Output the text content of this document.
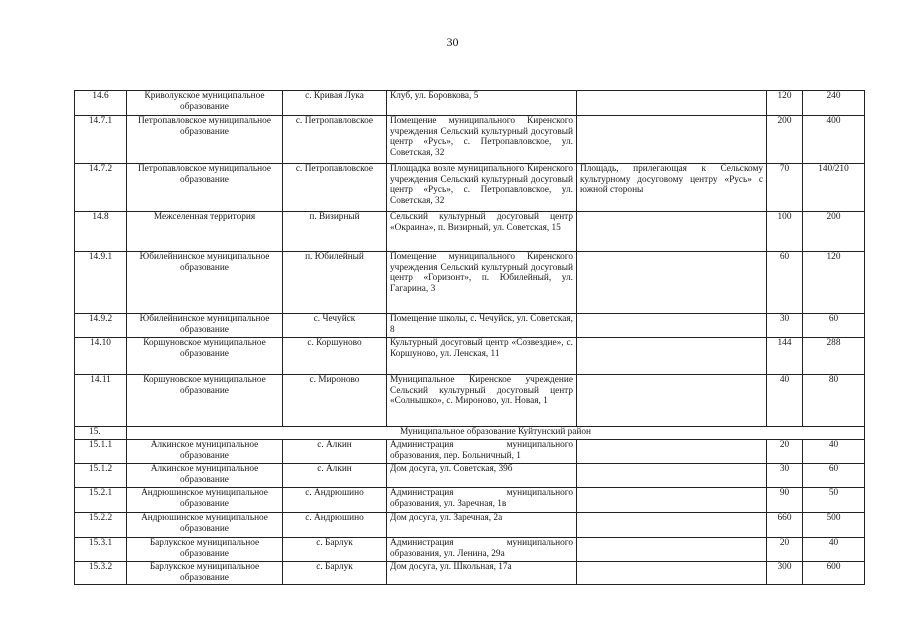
30
14.6	Криволукское муниципальное образование	с. Кривая Лука	Клуб, ул. Боровкова, 5		120	240
14.7.1	Петропавловское муниципальное образование	с. Петропавловское	Помещение муниципального Киренского учреждения Сельский культурный досуговый центр «Русь», с. Петропавловское, ул. Советская, 32		200	400
14.7.2	Петропавловское муниципальное образование	с. Петропавловское	Площадка возле муниципального Киренского учреждения Сельский культурный досуговый центр «Русь», с. Петропавловское, ул. Советская, 32	Площадь, прилегающая к Сельскому культурному досуговому центру «Русь» с южной стороны	70	140/210
14.8	Межселенная территория	п. Визирный	Сельский культурный досуговый центр «Окраина», п. Визирный, ул. Советская, 15		100	200
14.9.1	Юбилейнинское муниципальное образование	п. Юбилейный	Помещение муниципального Киренского учреждения Сельский культурный досуговый центр «Горизонт», п. Юбилейный, ул. Гагарина, 3		60	120
14.9.2	Юбилейнинское муниципальное образование	с. Чечуйск	Помещение школы, с. Чечуйск, ул. Советская, 8		30	60
14.10	Коршуновское муниципальное образование	с. Коршуново	Культурный досуговый центр «Созвездие», с. Коршуново, ул. Ленская, 11		144	288
14.11	Коршуновское муниципальное образование	с. Мироново	Муниципальное Киренское учреждение Сельский культурный досуговый центр «Солнышко», с. Мироново, ул. Новая, 1		40	80
15.	Муниципальное образование Куйтунский район					
15.1.1	Алкинское муниципальное образование	с. Алкин	Администрация муниципального образования, пер. Больничный, 1		20	40
15.1.2	Алкинское муниципальное образование	с. Алкин	Дом досуга, ул. Советская, 39б		30	60
15.2.1	Андрюшинское муниципальное образование	с. Андрюшино	Администрация муниципального образования, ул. Заречная, 1в		90	50
15.2.2	Андрюшинское муниципальное образование	с. Андрюшино	Дом досуга, ул. Заречная, 2а		660	500
15.3.1	Барлукское муниципальное образование	с. Барлук	Администрация муниципального образования, ул. Ленина, 29а		20	40
15.3.2	Барлукское муниципальное образование	с. Барлук	Дом досуга, ул. Школьная, 17а		300	600
